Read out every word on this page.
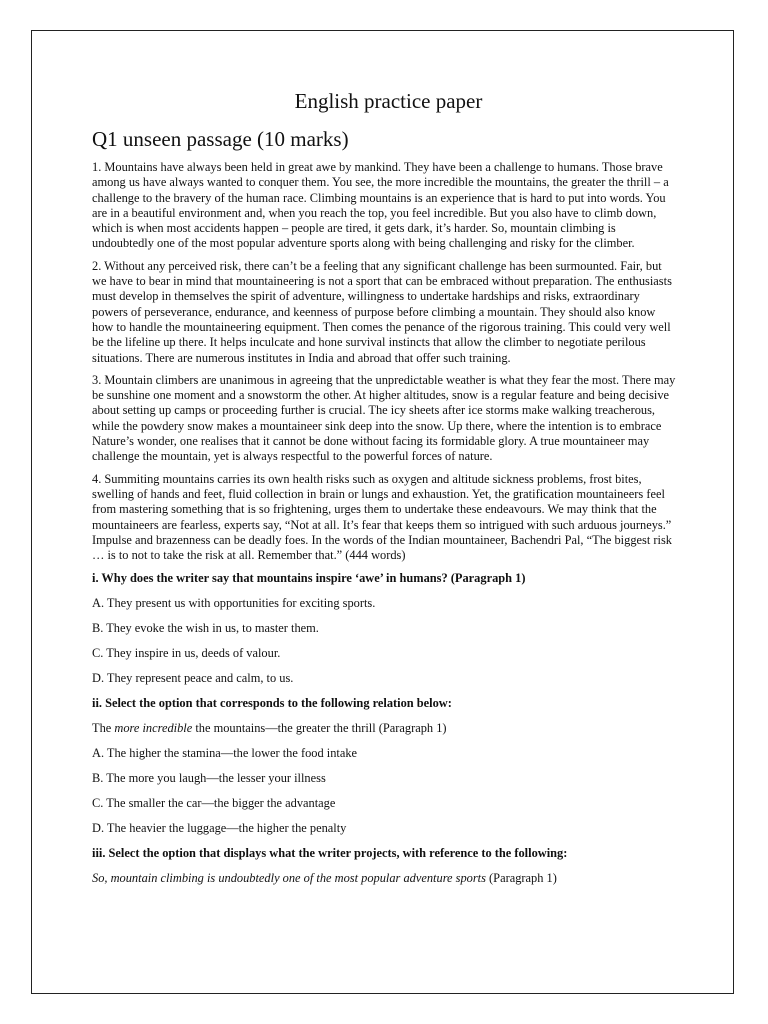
English practice paper
Q1 unseen passage (10 marks)

1. Mountains have always been held in great awe by mankind. They have been a challenge to humans. Those brave among us have always wanted to conquer them. You see, the more incredible the mountains, the greater the thrill – a challenge to the bravery of the human race. Climbing mountains is an experience that is hard to put into words. You are in a beautiful environment and, when you reach the top, you feel incredible. But you also have to climb down, which is when most accidents happen – people are tired, it gets dark, it’s harder. So, mountain climbing is undoubtedly one of the most popular adventure sports along with being challenging and risky for the climber.

2. Without any perceived risk, there can’t be a feeling that any significant challenge has been surmounted. Fair, but we have to bear in mind that mountaineering is not a sport that can be embraced without preparation. The enthusiasts must develop in themselves the spirit of adventure, willingness to undertake hardships and risks, extraordinary powers of perseverance, endurance, and keenness of purpose before climbing a mountain. They should also know how to handle the mountaineering equipment. Then comes the penance of the rigorous training. This could very well be the lifeline up there. It helps inculcate and hone survival instincts that allow the climber to negotiate perilous situations. There are numerous institutes in India and abroad that offer such training.

3. Mountain climbers are unanimous in agreeing that the unpredictable weather is what they fear the most. There may be sunshine one moment and a snowstorm the other. At higher altitudes, snow is a regular feature and being decisive about setting up camps or proceeding further is crucial. The icy sheets after ice storms make walking treacherous, while the powdery snow makes a mountaineer sink deep into the snow. Up there, where the intention is to embrace Nature’s wonder, one realises that it cannot be done without facing its formidable glory. A true mountaineer may challenge the mountain, yet is always respectful to the powerful forces of nature.

4. Summiting mountains carries its own health risks such as oxygen and altitude sickness problems, frost bites, swelling of hands and feet, fluid collection in brain or lungs and exhaustion. Yet, the gratification mountaineers feel from mastering something that is so frightening, urges them to undertake these endeavours. We may think that the mountaineers are fearless, experts say, “Not at all. It’s fear that keeps them so intrigued with such arduous journeys.” Impulse and brazenness can be deadly foes. In the words of the Indian mountaineer, Bachendri Pal, “The biggest risk … is to not to take the risk at all. Remember that.” (444 words)

i. Why does the writer say that mountains inspire ‘awe’ in humans? (Paragraph 1)
A. They present us with opportunities for exciting sports.
B. They evoke the wish in us, to master them.
C. They inspire in us, deeds of valour.
D. They represent peace and calm, to us.
ii. Select the option that corresponds to the following relation below:
The more incredible the mountains—the greater the thrill (Paragraph 1)
A. The higher the stamina—the lower the food intake
B. The more you laugh—the lesser your illness
C. The smaller the car—the bigger the advantage
D. The heavier the luggage—the higher the penalty
iii. Select the option that displays what the writer projects, with reference to the following:
So, mountain climbing is undoubtedly one of the most popular adventure sports (Paragraph 1)
